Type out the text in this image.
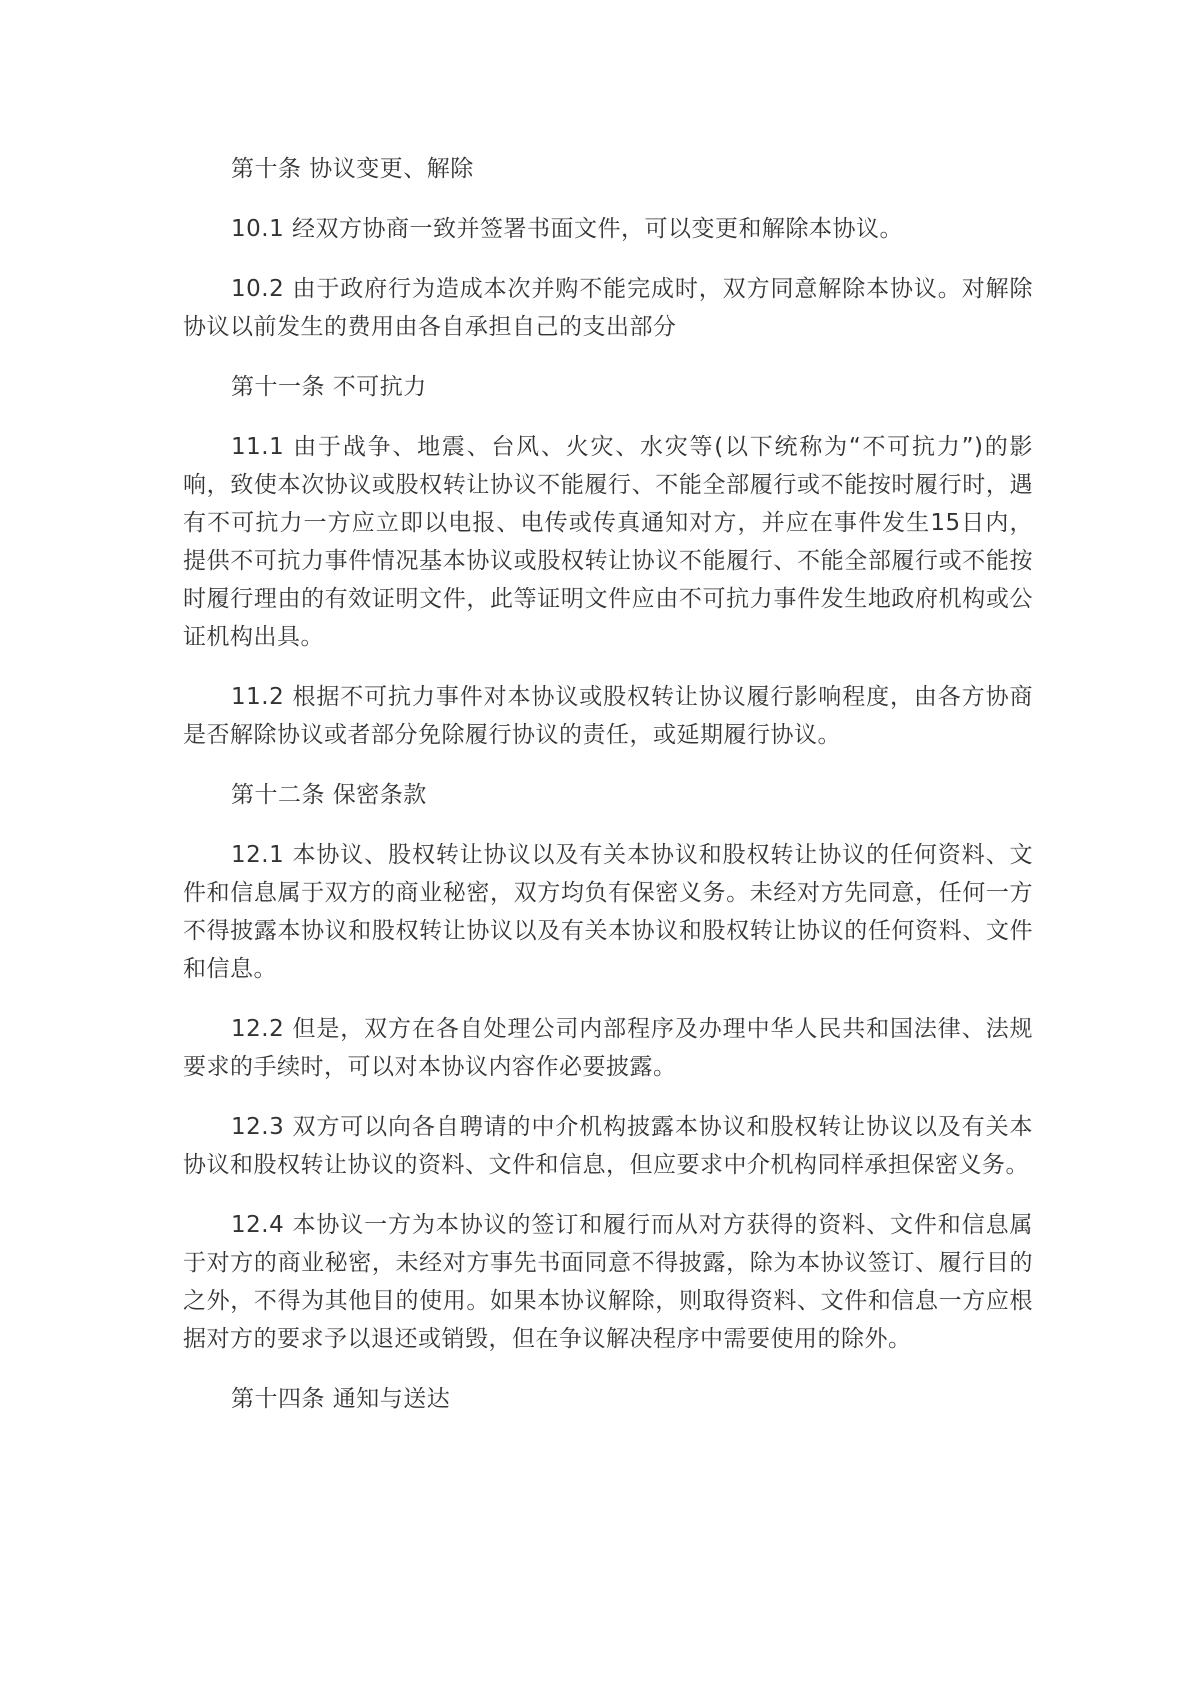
第十条 协议变更、解除

10.1 经双方协商一致并签署书面文件，可以变更和解除本协议。

10.2 由于政府行为造成本次并购不能完成时，双方同意解除本协议。对解除协议以前发生的费用由各自承担自己的支出部分

第十一条 不可抗力

11.1 由于战争、地震、台风、火灾、水灾等(以下统称为“不可抗力”)的影响，致使本次协议或股权转让协议不能履行、不能全部履行或不能按时履行时，遇有不可抗力一方应立即以电报、电传或传真通知对方，并应在事件发生15日内，提供不可抗力事件情况基本协议或股权转让协议不能履行、不能全部履行或不能按时履行理由的有效证明文件，此等证明文件应由不可抗力事件发生地政府机构或公证机构出具。

11.2 根据不可抗力事件对本协议或股权转让协议履行影响程度，由各方协商是否解除协议或者部分免除履行协议的责任，或延期履行协议。

第十二条 保密条款

12.1 本协议、股权转让协议以及有关本协议和股权转让协议的任何资料、文件和信息属于双方的商业秘密，双方均负有保密义务。未经对方先同意，任何一方不得披露本协议和股权转让协议以及有关本协议和股权转让协议的任何资料、文件和信息。

12.2 但是，双方在各自处理公司内部程序及办理中华人民共和国法律、法规要求的手续时，可以对本协议内容作必要披露。

12.3 双方可以向各自聘请的中介机构披露本协议和股权转让协议以及有关本协议和股权转让协议的资料、文件和信息，但应要求中介机构同样承担保密义务。

12.4 本协议一方为本协议的签订和履行而从对方获得的资料、文件和信息属于对方的商业秘密，未经对方事先书面同意不得披露，除为本协议签订、履行目的之外，不得为其他目的使用。如果本协议解除，则取得资料、文件和信息一方应根据对方的要求予以退还或销毁，但在争议解决程序中需要使用的除外。

第十四条 通知与送达
